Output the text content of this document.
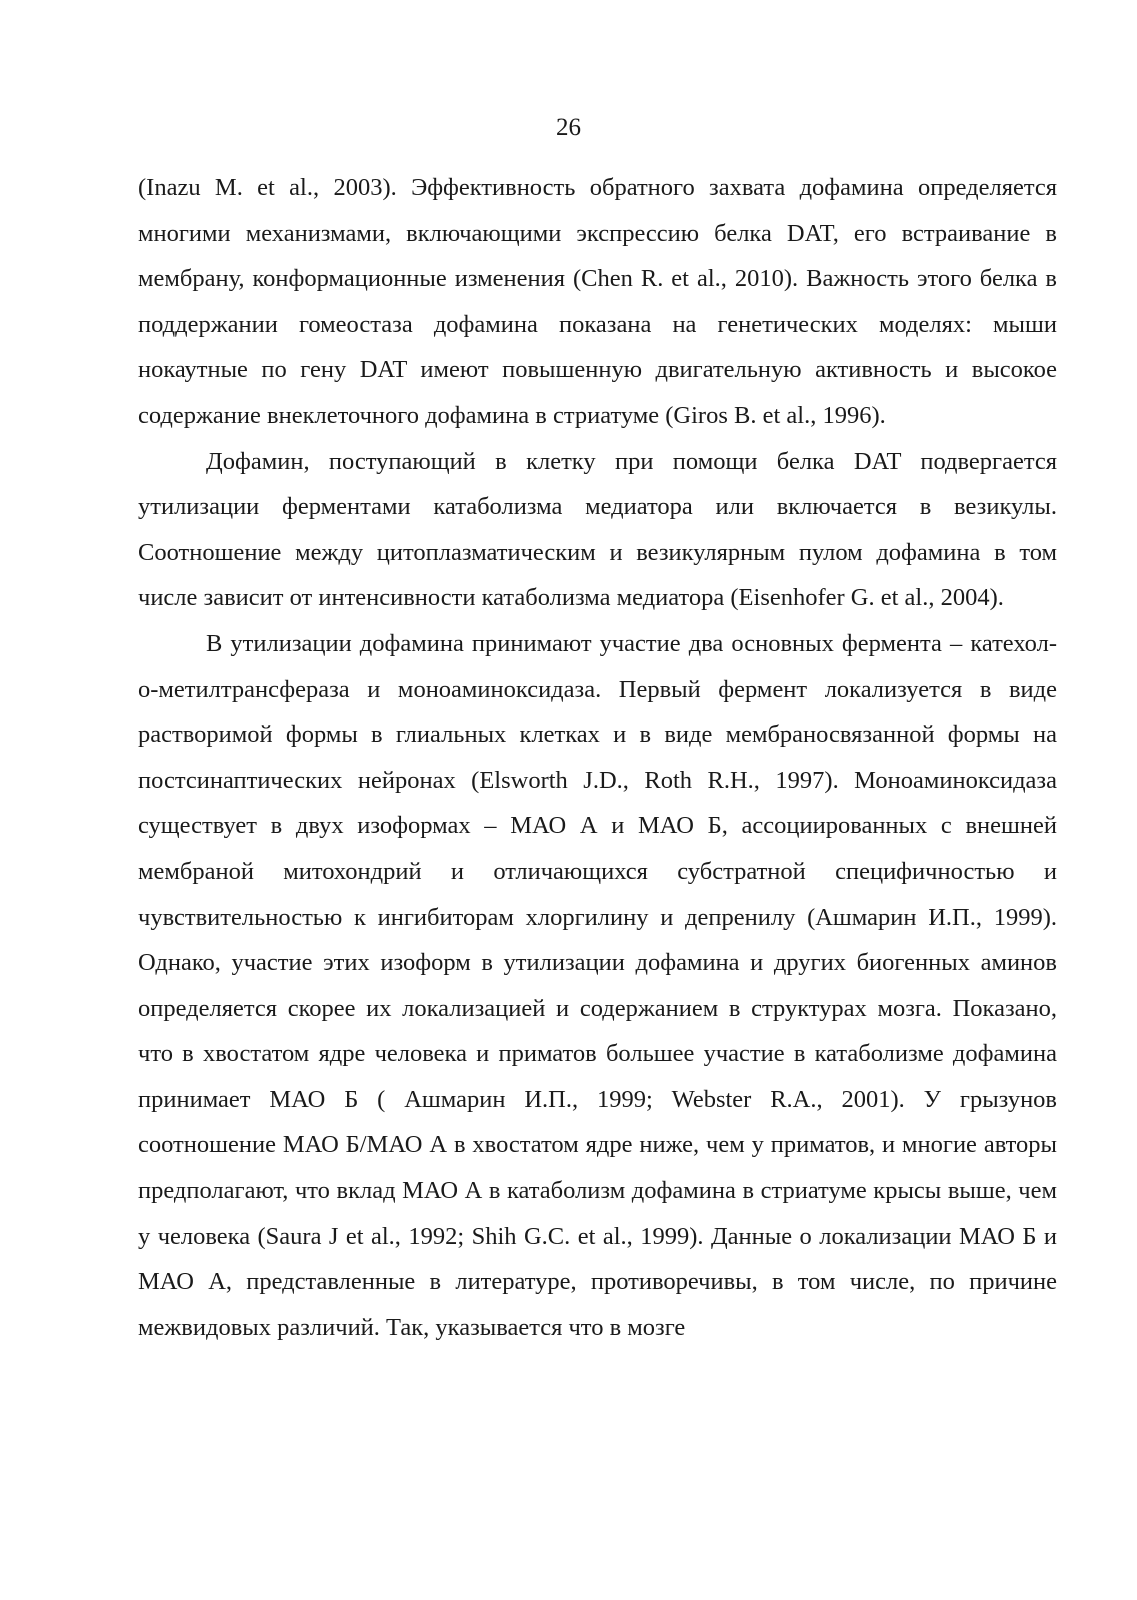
26

(Inazu M. et al., 2003). Эффективность обратного захвата дофамина определяется многими механизмами, включающими экспрессию белка DAT, его встраивание в мембрану, конформационные изменения (Chen R. et al., 2010). Важность этого белка в поддержании гомеостаза дофамина показана на генетических моделях: мыши нокаутные по гену DAT имеют повышенную двигательную активность и высокое содержание внеклеточного дофамина в стриатуме (Giros B. et al., 1996).

Дофамин, поступающий в клетку при помощи белка DAT подвергается утилизации ферментами катаболизма медиатора или включается в везикулы. Соотношение между цитоплазматическим и везикулярным пулом дофамина в том числе зависит от интенсивности катаболизма медиатора (Eisenhofer G. et al., 2004).

В утилизации дофамина принимают участие два основных фермента – катехол-о-метилтрансфераза и моноаминоксидаза. Первый фермент локализуется в виде растворимой формы в глиальных клетках и в виде мембраносвязанной формы на постсинаптических нейронах (Elsworth J.D., Roth R.H., 1997). Моноаминоксидаза существует в двух изоформах – МАО А и МАО Б, ассоциированных с внешней мембраной митохондрий и отличающихся субстратной специфичностью и чувствительностью к ингибиторам хлоргилину и депренилу (Ашмарин И.П., 1999). Однако, участие этих изоформ в утилизации дофамина и других биогенных аминов определяется скорее их локализацией и содержанием в структурах мозга. Показано, что в хвостатом ядре человека и приматов большее участие в катаболизме дофамина принимает МАО Б ( Ашмарин И.П., 1999; Webster R.A., 2001). У грызунов соотношение МАО Б/МАО А в хвостатом ядре ниже, чем у приматов, и многие авторы предполагают, что вклад МАО А в катаболизм дофамина в стриатуме крысы выше, чем у человека (Saura J et al., 1992; Shih G.C. et al., 1999). Данные о локализации МАО Б и МАО А, представленные в литературе, противоречивы, в том числе, по причине межвидовых различий. Так, указывается что в мозге
